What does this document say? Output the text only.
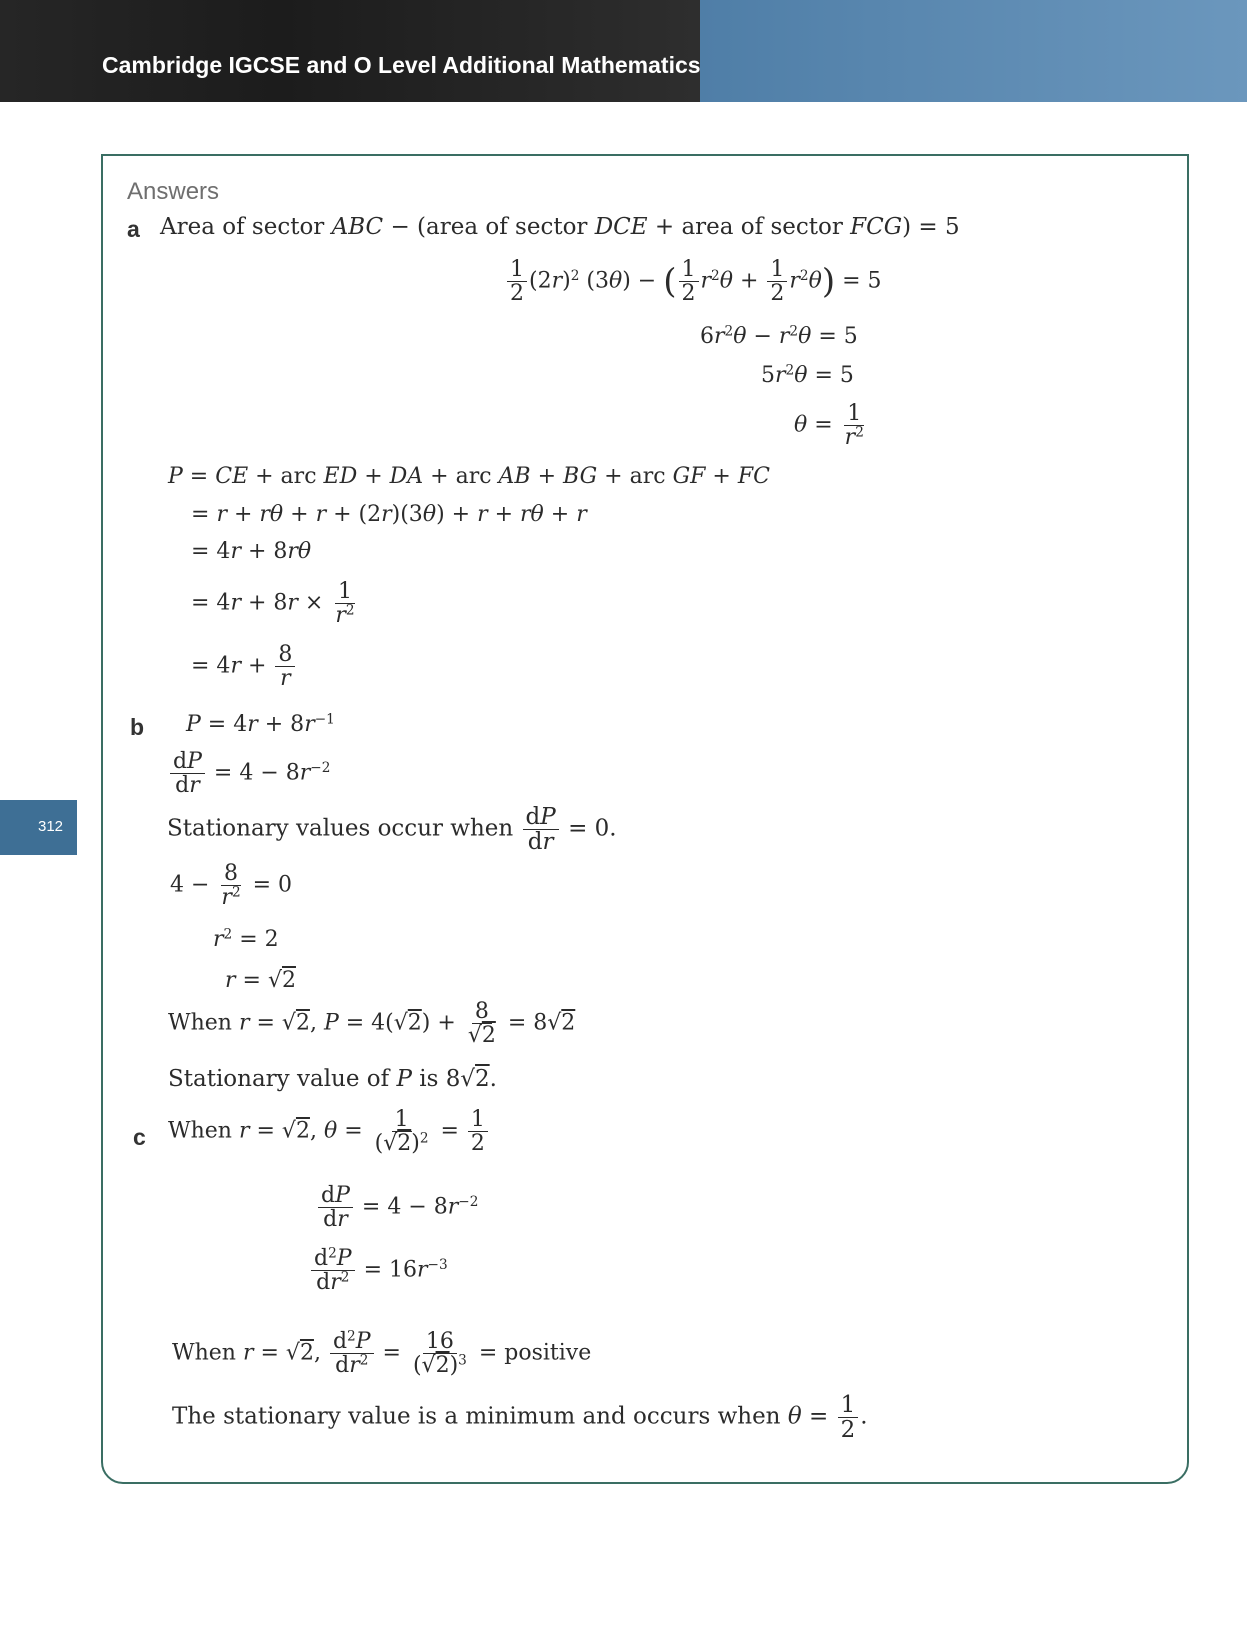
Cambridge IGCSE and O Level Additional Mathematics
312
Answers
a Area of sector ABC − (area of sector DCE + area of sector FCG) = 5
$\frac{1}{2} (2r)^2$ (3θ) − ( $\frac{1}{2} r^2\theta + \frac{1}{2} r^2\theta) = 5$
$6r^2\theta - r^2\theta = 5$
$5r^2\theta = 5$
$\theta = \frac{1}{r^2}$
P = CE + arc ED + DA + arc AB + BG + arc GF + FC
= r + rθ + r + (2r)(3θ) + r + rθ + r
= 4r + 8rθ
= $4r + 8r \times \frac{1}{r^2}$
= $4r + \frac{8}{r}$
b $P = 4r + 8r^{-1}$
$\frac{dP}{dr} = 4 - 8r^{-2}$
Stationary values occur when $\frac{dP}{dr} = 0$.
$4 - \frac{8}{r^2} = 0$
$r^2 = 2$
r = √2
When r = √2, $P = 4(√2) + \frac{8}{√2} = 8√2$
Stationary value of P is 8√2.
c When r = √2, $\theta = \frac{1}{(√2)^2} = \frac{1}{2}$
$\frac{dP}{dr} = 4 - 8r^{-2}$
$\frac{d^2P}{dr^2} = 16r^{-3}$
When r = √2, $\frac{d^2P}{dr^2} = \frac{16}{(√2)^3}$ = positive
The stationary value is a minimum and occurs when $\theta = \frac{1}{2}$ .
